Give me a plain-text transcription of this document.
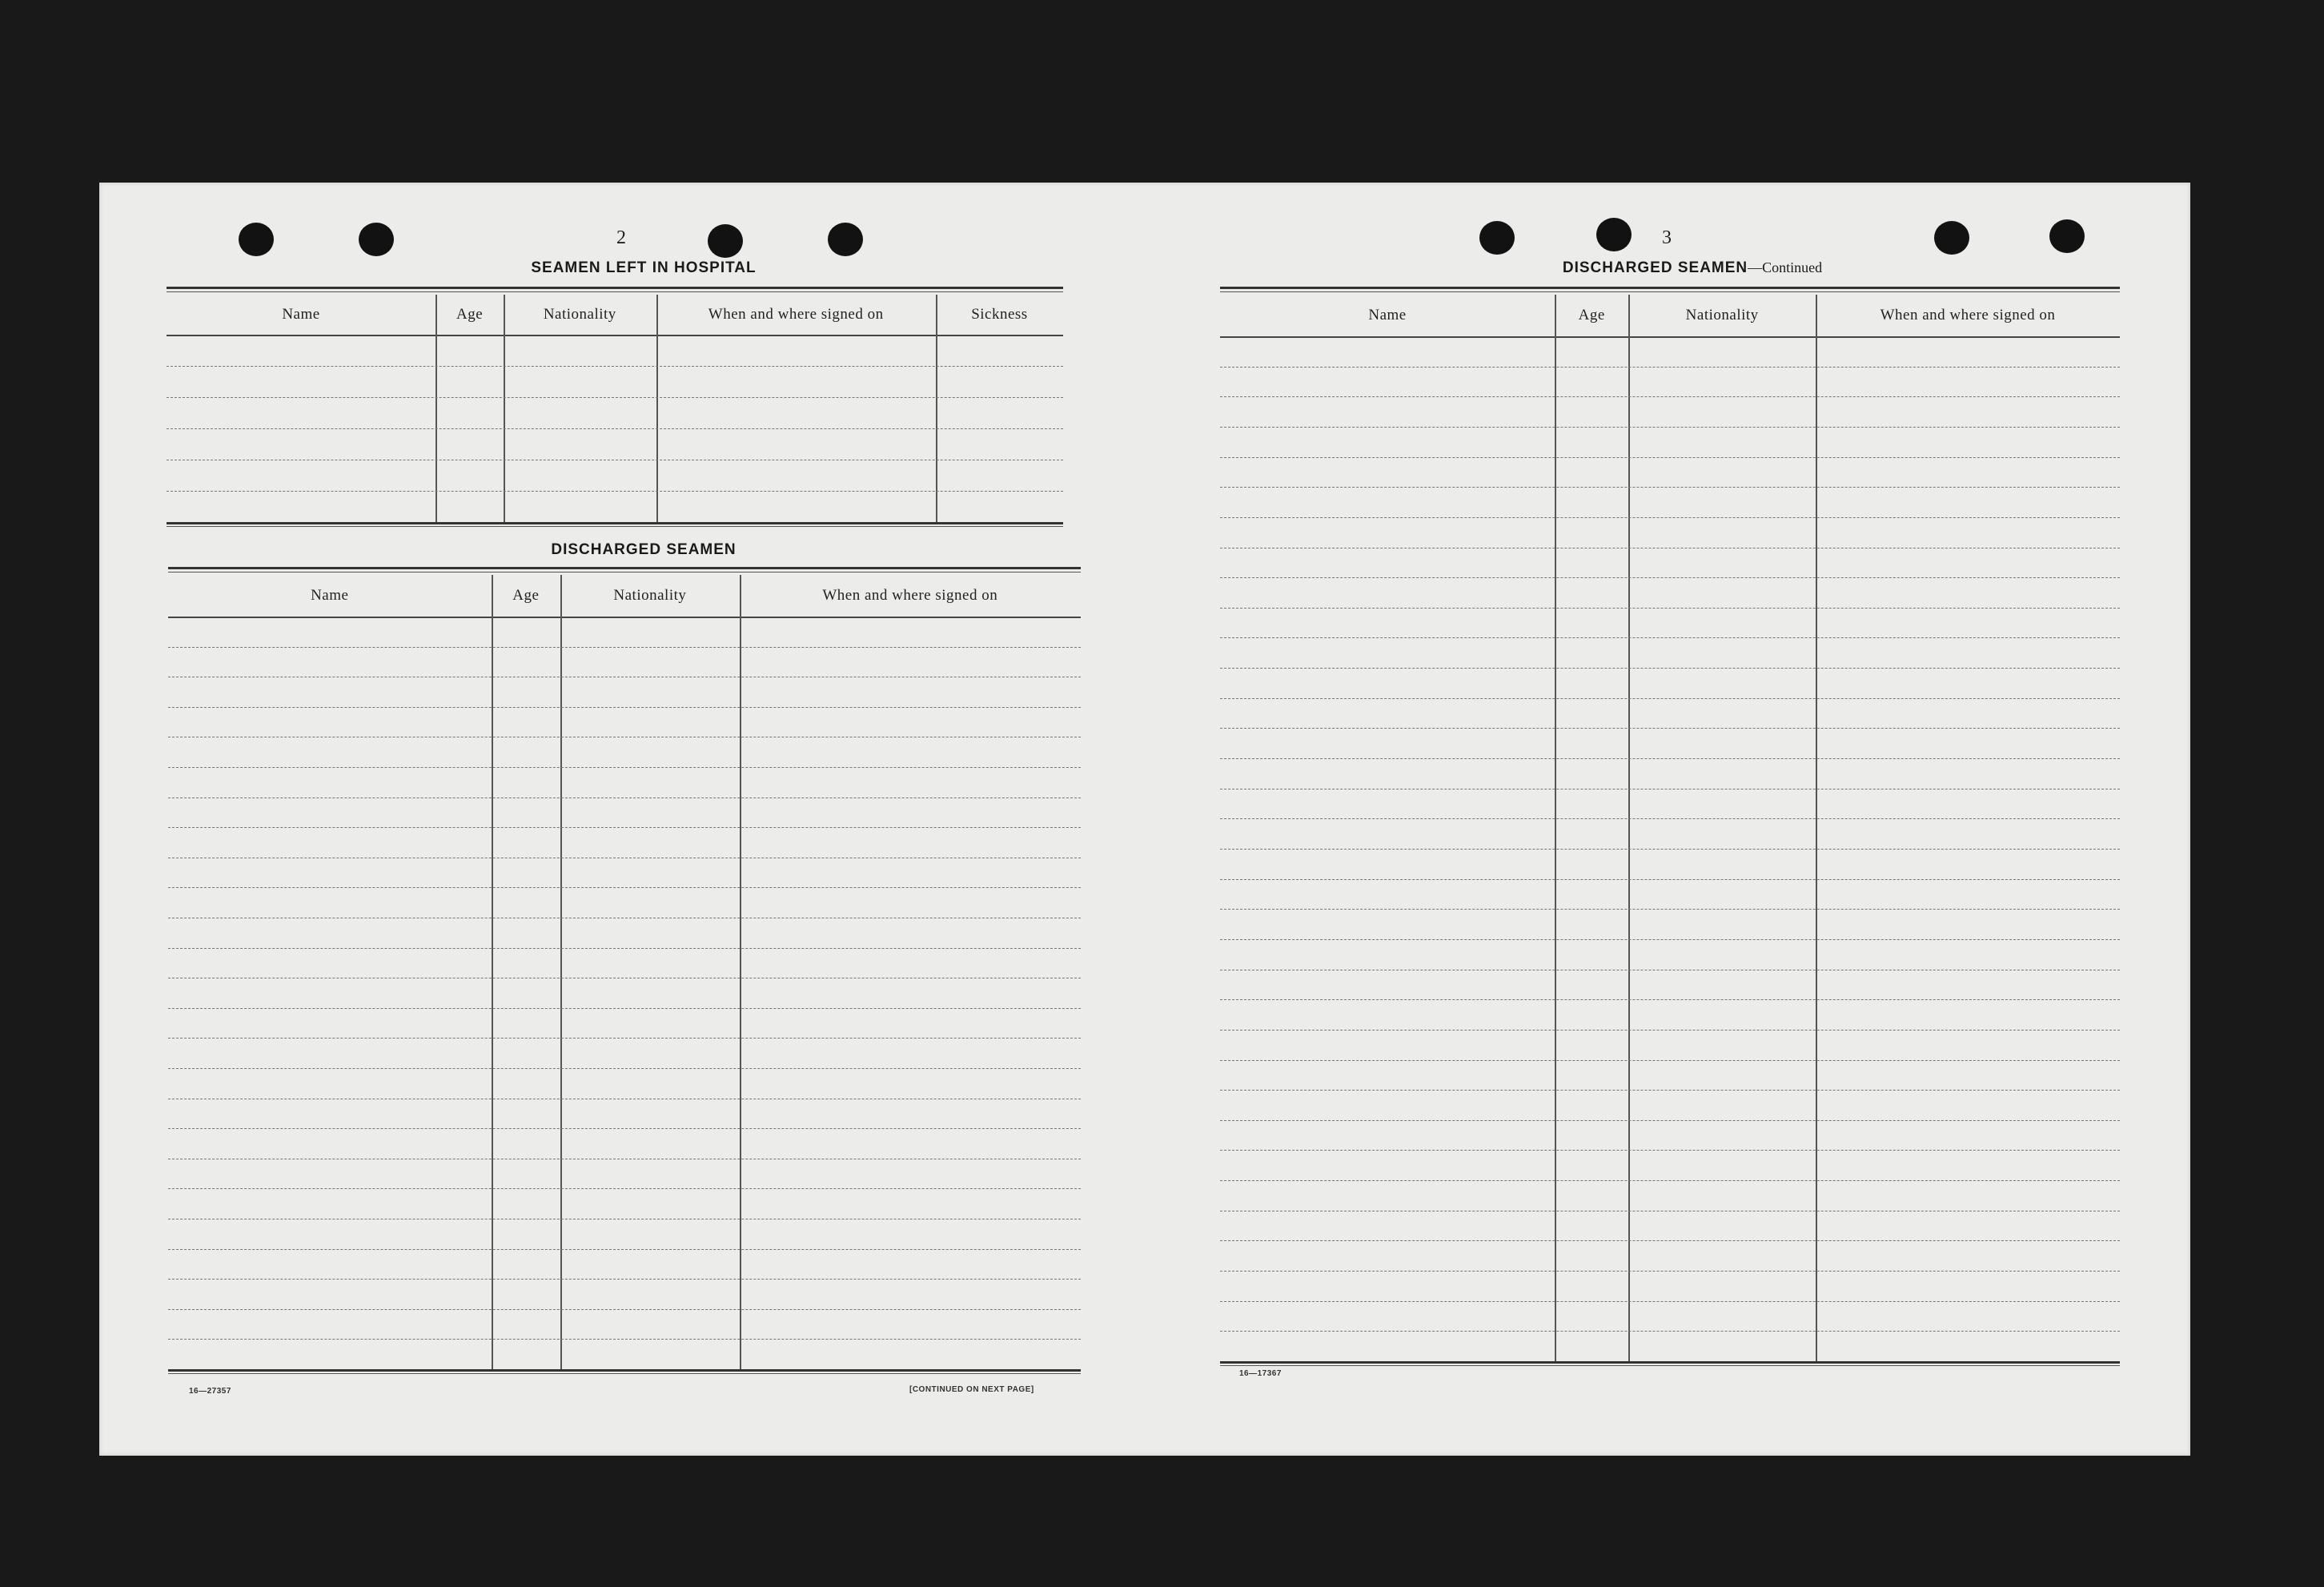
2
SEAMEN LEFT IN HOSPITAL
Name	Age	Nationality	When and where signed on	Sickness
DISCHARGED SEAMEN
Name	Age	Nationality	When and where signed on
16—27357	[CONTINUED ON NEXT PAGE]
3
DISCHARGED SEAMEN—Continued
Name	Age	Nationality	When and where signed on
16—17367
